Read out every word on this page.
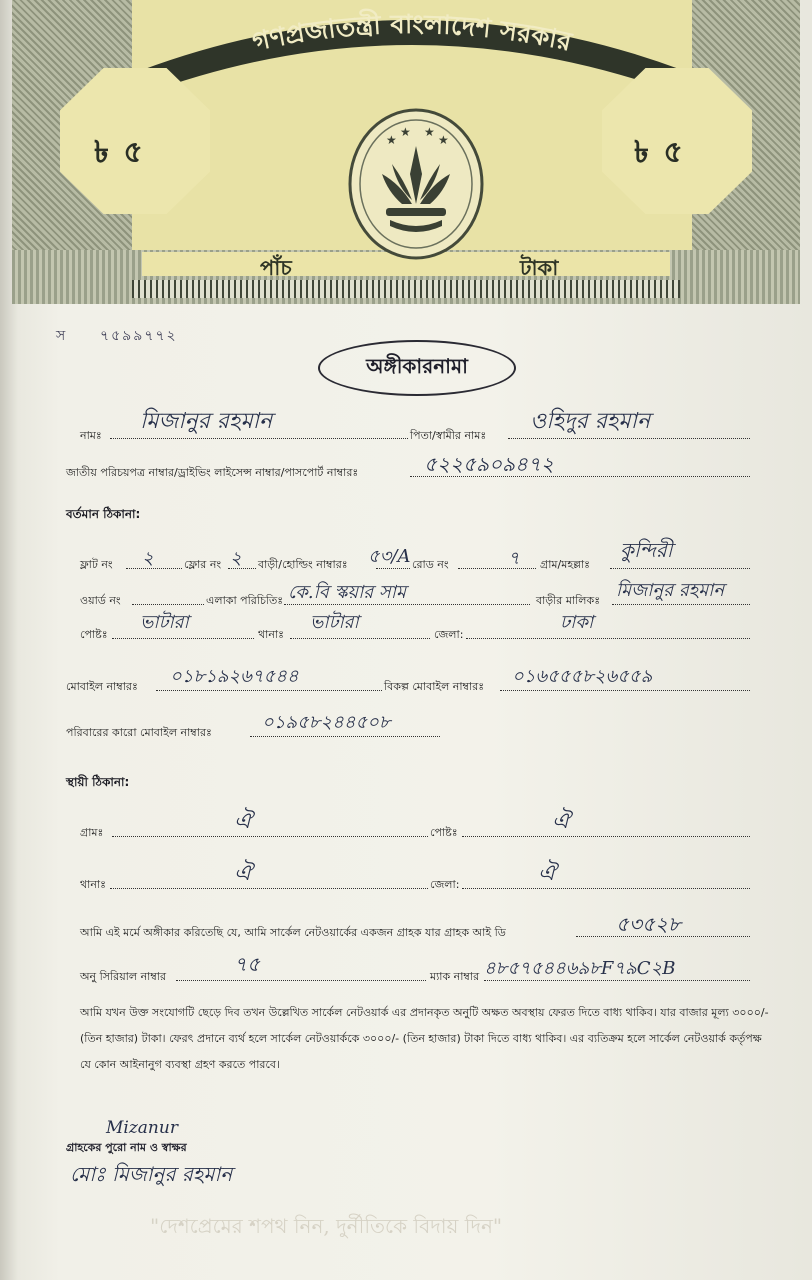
গণপ্রজাতন্ত্রী বাংলাদেশ সরকার
৳ ৫	৳ ৫
★
★ ★
★
পাঁচ	টাকা
স ৭৫৯৯৭৭২
অঙ্গীকারনামা
নামঃ
মিজানুর রহমান
পিতা/স্বামীর নামঃ
ওহিদুর রহমান
জাতীয় পরিচয়পত্র নাম্বার/ড্রাইভিং লাইসেন্স নাম্বার/পাসপোর্ট নাম্বারঃ	৫২২৫৯০৯৪৭২
বর্তমান ঠিকানা:
ফ্লাট নং ২	ফ্লোর নং ২ বাড়ী/হোল্ডিং নাম্বারঃ ৫৩/A রোড নং	৭ গ্রাম/মহল্লাঃ
কুন্দিরী
ওয়ার্ড নং	এলাকা পরিচিতিঃ কে.বি স্কয়ার সাম	বাড়ীর মালিকঃ মিজানুর রহমান
পোষ্টঃ
ভাটারা
থানাঃ
ভাটারা
জেলা:
ঢাকা
মোবাইল নাম্বারঃ ০১৮১৯২৬৭৫৪৪	বিকল্প মোবাইল নাম্বারঃ ০১৬৫৫৫৮২৬৫৫৯
পরিবারের কারো মোবাইল নাম্বারঃ	০১৯৫৮২৪৪৫০৮
স্থায়ী ঠিকানা:
গ্রামঃ	ঐ	পোষ্টঃ	ঐ
থানাঃ	ঐ	জেলা:	ঐ
আমি এই মর্মে অঙ্গীকার করিতেছি যে, আমি সার্কেল নেটওয়ার্কের একজন গ্রাহক যার গ্রাহক আই ডি	৫৩৫২৮
অনু সিরিয়াল নাম্বার
৭৫
ম্যাক নাম্বার ৪৮৫৭৫৪৪৬৯৮F৭৯C২B
আমি যখন উক্ত সংযোগটি ছেড়ে দিব তখন উল্লেখিত সার্কেল নেটওয়ার্ক এর প্রদানকৃত অনুটি অক্ষত অবস্থায় ফেরত দিতে বাধ্য থাকিব। যার বাজার মূল্য ৩০০০/- (তিন হাজার) টাকা। ফেরৎ প্রদানে ব্যর্থ হলে সার্কেল নেটওয়ার্ককে ৩০০০/- (তিন হাজার) টাকা দিতে বাধ্য থাকিব। এর ব্যতিক্রম হলে সার্কেল নেটওয়ার্ক কর্তৃপক্ষ যে কোন আইনানুগ ব্যবস্থা গ্রহণ করতে পারবে।
Mizanur
গ্রাহকের পুরো নাম ও স্বাক্ষর
মোঃ মিজানুর রহমান
"দেশপ্রেমের শপথ নিন, দুর্নীতিকে বিদায় দিন"
